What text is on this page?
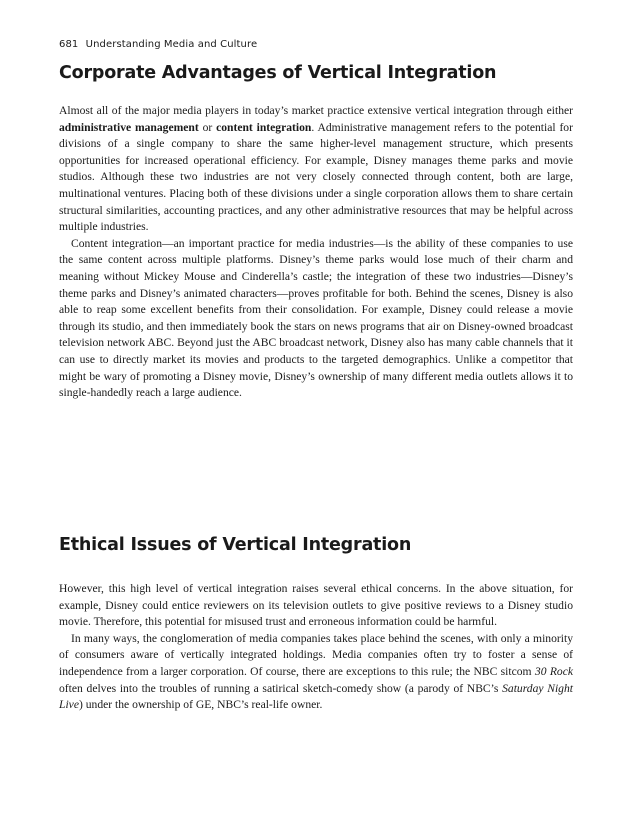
681 Understanding Media and Culture
Corporate Advantages of Vertical Integration

Almost all of the major media players in today’s market practice extensive vertical integration through either administrative management or content integration. Administrative management refers to the potential for divisions of a single company to share the same higher-level management structure, which presents opportunities for increased operational efficiency. For example, Disney manages theme parks and movie studios. Although these two industries are not very closely connected through content, both are large, multinational ventures. Placing both of these divisions under a single corporation allows them to share certain structural similarities, accounting practices, and any other administrative resources that may be helpful across multiple industries.

Content integration—an important practice for media industries—is the ability of these companies to use the same content across multiple platforms. Disney’s theme parks would lose much of their charm and meaning without Mickey Mouse and Cinderella’s castle; the integration of these two industries—Disney’s theme parks and Disney’s animated characters—proves profitable for both. Behind the scenes, Disney is also able to reap some excellent benefits from their consolidation. For example, Disney could release a movie through its studio, and then immediately book the stars on news programs that air on Disney-owned broadcast television network ABC. Beyond just the ABC broadcast network, Disney also has many cable channels that it can use to directly market its movies and products to the targeted demographics. Unlike a competitor that might be wary of promoting a Disney movie, Disney’s ownership of many different media outlets allows it to single-handedly reach a large audience.

Ethical Issues of Vertical Integration

However, this high level of vertical integration raises several ethical concerns. In the above situation, for example, Disney could entice reviewers on its television outlets to give positive reviews to a Disney studio movie. Therefore, this potential for misused trust and erroneous information could be harmful.

In many ways, the conglomeration of media companies takes place behind the scenes, with only a minority of consumers aware of vertically integrated holdings. Media companies often try to foster a sense of independence from a larger corporation. Of course, there are exceptions to this rule; the NBC sitcom 30 Rock often delves into the troubles of running a satirical sketch-comedy show (a parody of NBC’s Saturday Night Live) under the ownership of GE, NBC’s real-life owner.
